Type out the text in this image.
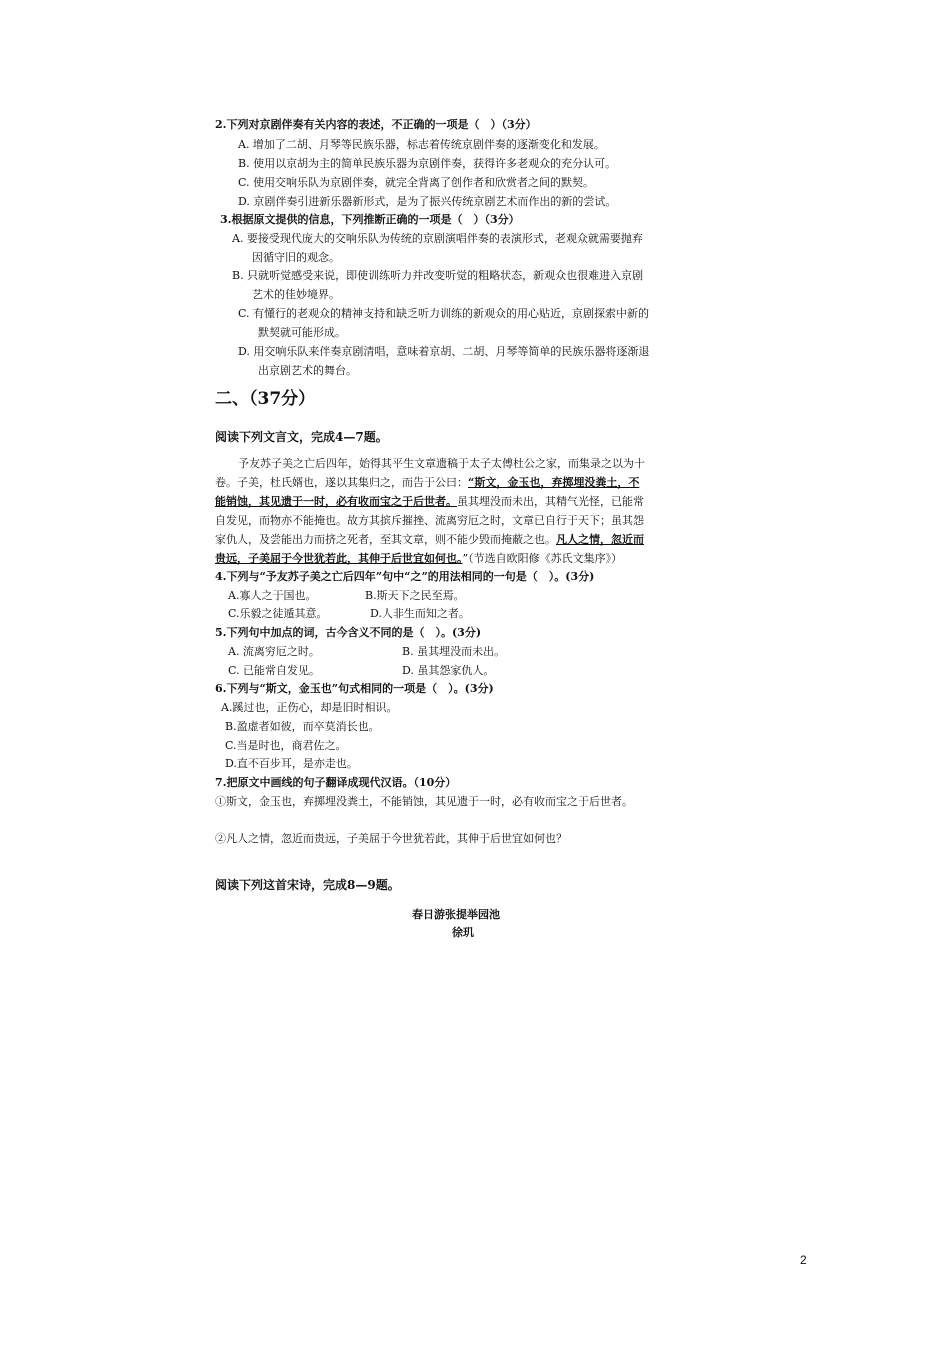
2.下列对京剧伴奏有关内容的表述，不正确的一项是（　）（3分）
A. 增加了二胡、月琴等民族乐器，标志着传统京剧伴奏的逐渐变化和发展。
B. 使用以京胡为主的简单民族乐器为京剧伴奏，获得许多老观众的充分认可。
C. 使用交响乐队为京剧伴奏，就完全背离了创作者和欣赏者之间的默契。
D. 京剧伴奏引进新乐器新形式，是为了振兴传统京剧艺术而作出的新的尝试。
3.根据原文提供的信息，下列推断正确的一项是（　）（3分）
A. 要接受现代庞大的交响乐队为传统的京剧演唱伴奏的表演形式，老观众就需要抛弃
因循守旧的观念。
B. 只就听觉感受来说，即使训练听力并改变听觉的粗略状态，新观众也很难进入京剧
艺术的佳妙境界。
C. 有懂行的老观众的精神支持和缺乏听力训练的新观众的用心贴近，京剧探索中新的
默契就可能形成。
D. 用交响乐队来伴奏京剧清唱，意味着京胡、二胡、月琴等简单的民族乐器将逐渐退
出京剧艺术的舞台。
二、（37分）
阅读下列文言文，完成4—7题。
予友苏子美之亡后四年，始得其平生文章遗稿于太子太傅杜公之家，而集录之以为十
卷。子美，杜氏婿也，遂以其集归之，而告于公曰：“斯文，金玉也，弃掷埋没粪土，不
能销蚀，其见遗于一时，必有收而宝之于后世者。虽其埋没而未出，其精气光怪，已能常
自发见，而物亦不能掩也。故方其摈斥摧挫、流离穷厄之时，文章已自行于天下；虽其怨
家仇人，及尝能出力而挤之死者，至其文章，则不能少毁而掩蔽之也。凡人之情，忽近而
贵远，子美屈于今世犹若此，其伸于后世宜如何也。”（节选自欧阳修《苏氏文集序》）
4.下列与“予友苏子美之亡后四年”句中“之”的用法相同的一句是（　）。(3分)
A.寡人之于国也。	B.斯天下之民至焉。
C.乐毅之徒遁其意。	D.人非生而知之者。
5.下列句中加点的词，古今含义不同的是（　）。(3分)
A. 流离穷厄之时。	B. 虽其埋没而未出。
C. 已能常自发见。	D. 虽其怨家仇人。
6.下列与“斯文，金玉也”句式相同的一项是（　）。(3分)
A.蹊过也，正伤心，却是旧时相识。
B.盈虚者如彼，而卒莫消长也。
C.当是时也，商君佐之。
D.直不百步耳，是亦走也。
7.把原文中画线的句子翻译成现代汉语。（10分）
①斯文，金玉也，弃掷埋没粪土，不能销蚀，其见遗于一时，必有收而宝之于后世者。
②凡人之情，忽近而贵远，子美屈于今世犹若此，其伸于后世宜如何也？
阅读下列这首宋诗，完成8—9题。
春日游张提举园池
徐玑
2
